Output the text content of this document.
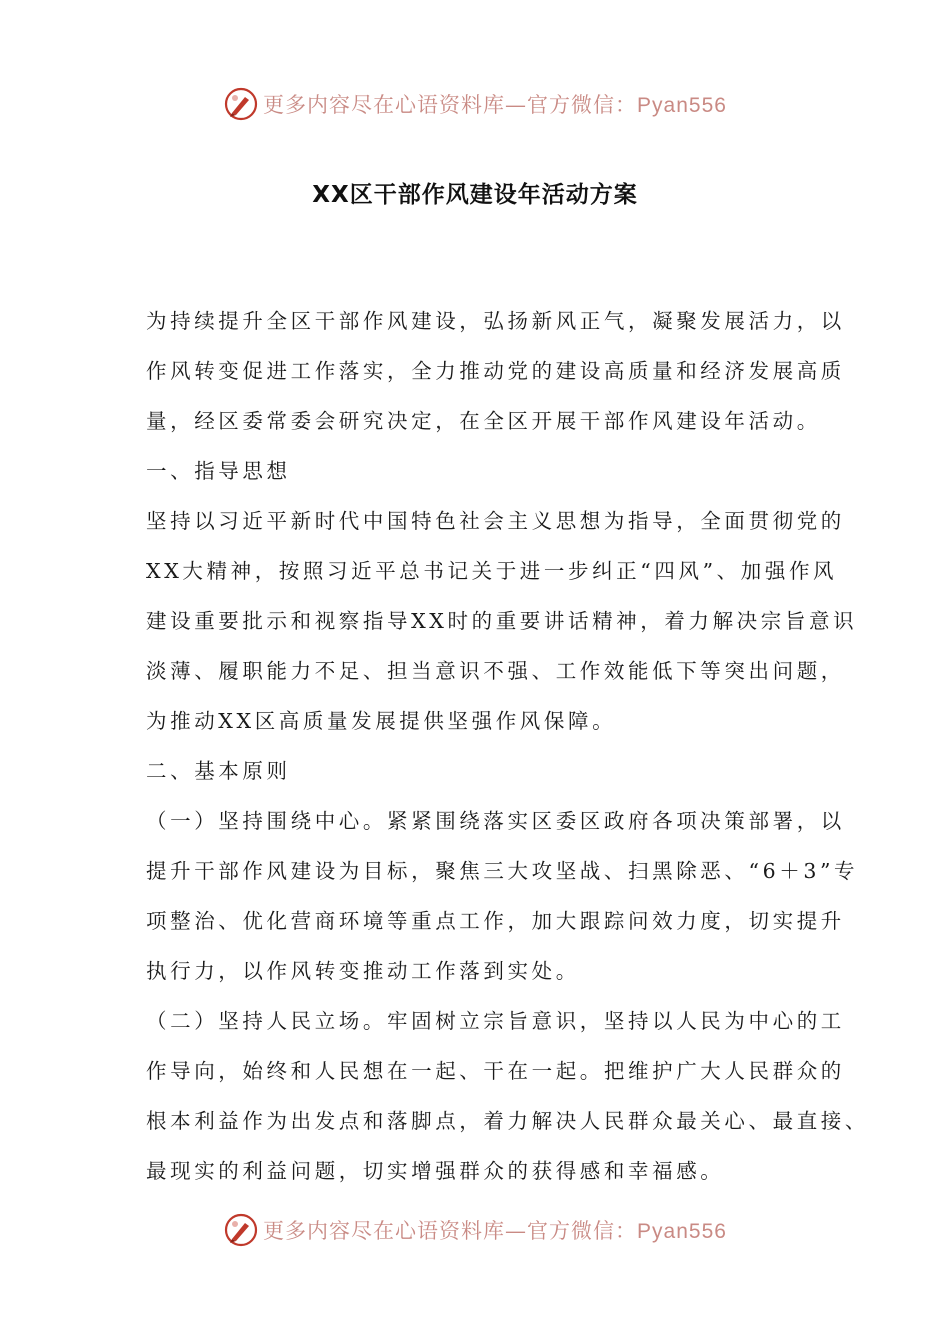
更多内容尽在心语资料库—官方微信：Pyan556
XX区干部作风建设年活动方案
为持续提升全区干部作风建设，弘扬新风正气，凝聚发展活力，以
作风转变促进工作落实，全力推动党的建设高质量和经济发展高质
量，经区委常委会研究决定，在全区开展干部作风建设年活动。
一、指导思想
坚持以习近平新时代中国特色社会主义思想为指导，全面贯彻党的
XX大精神，按照习近平总书记关于进一步纠正“四风”、加强作风
建设重要批示和视察指导XX时的重要讲话精神，着力解决宗旨意识
淡薄、履职能力不足、担当意识不强、工作效能低下等突出问题，
为推动XX区高质量发展提供坚强作风保障。
二、基本原则
（一）坚持围绕中心。紧紧围绕落实区委区政府各项决策部署，以
提升干部作风建设为目标，聚焦三大攻坚战、扫黑除恶、“6＋3”专
项整治、优化营商环境等重点工作，加大跟踪问效力度，切实提升
执行力，以作风转变推动工作落到实处。
（二）坚持人民立场。牢固树立宗旨意识，坚持以人民为中心的工
作导向，始终和人民想在一起、干在一起。把维护广大人民群众的
根本利益作为出发点和落脚点，着力解决人民群众最关心、最直接、
最现实的利益问题，切实增强群众的获得感和幸福感。
更多内容尽在心语资料库—官方微信：Pyan556
